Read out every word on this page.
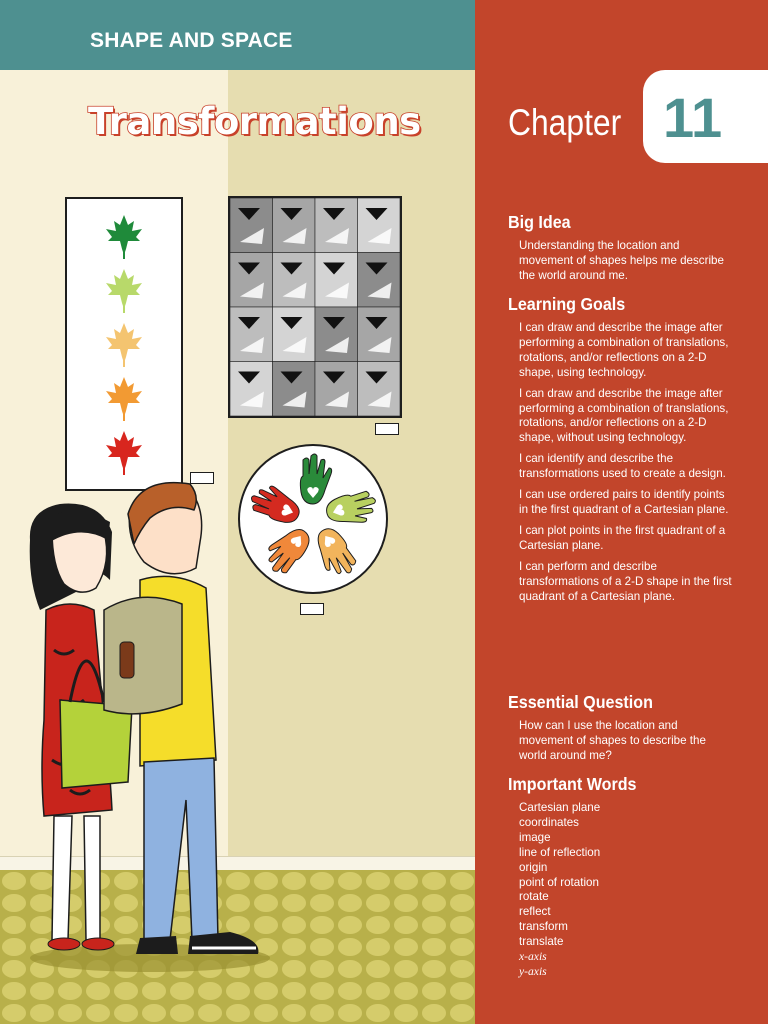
SHAPE AND SPACE
Transformations Chapter 11
Big Idea
Understanding the location and movement of shapes helps me describe the world around me.
Learning Goals
I can draw and describe the image after performing a combination of translations, rotations, and/or reflections on a 2-D shape, using technology.
I can draw and describe the image after performing a combination of translations, rotations, and/or reflections on a 2-D shape, without using technology.
I can identify and describe the transformations used to create a design.
I can use ordered pairs to identify points in the first quadrant of a Cartesian plane.
I can plot points in the first quadrant of a Cartesian plane.
I can perform and describe transformations of a 2-D shape in the first quadrant of a Cartesian plane.
Essential Question
How can I use the location and movement of shapes to describe the world around me?
Important Words
Cartesian plane
coordinates
image
line of reflection
origin
point of rotation
rotate
reflect
transform
translate
x-axis
y-axis
